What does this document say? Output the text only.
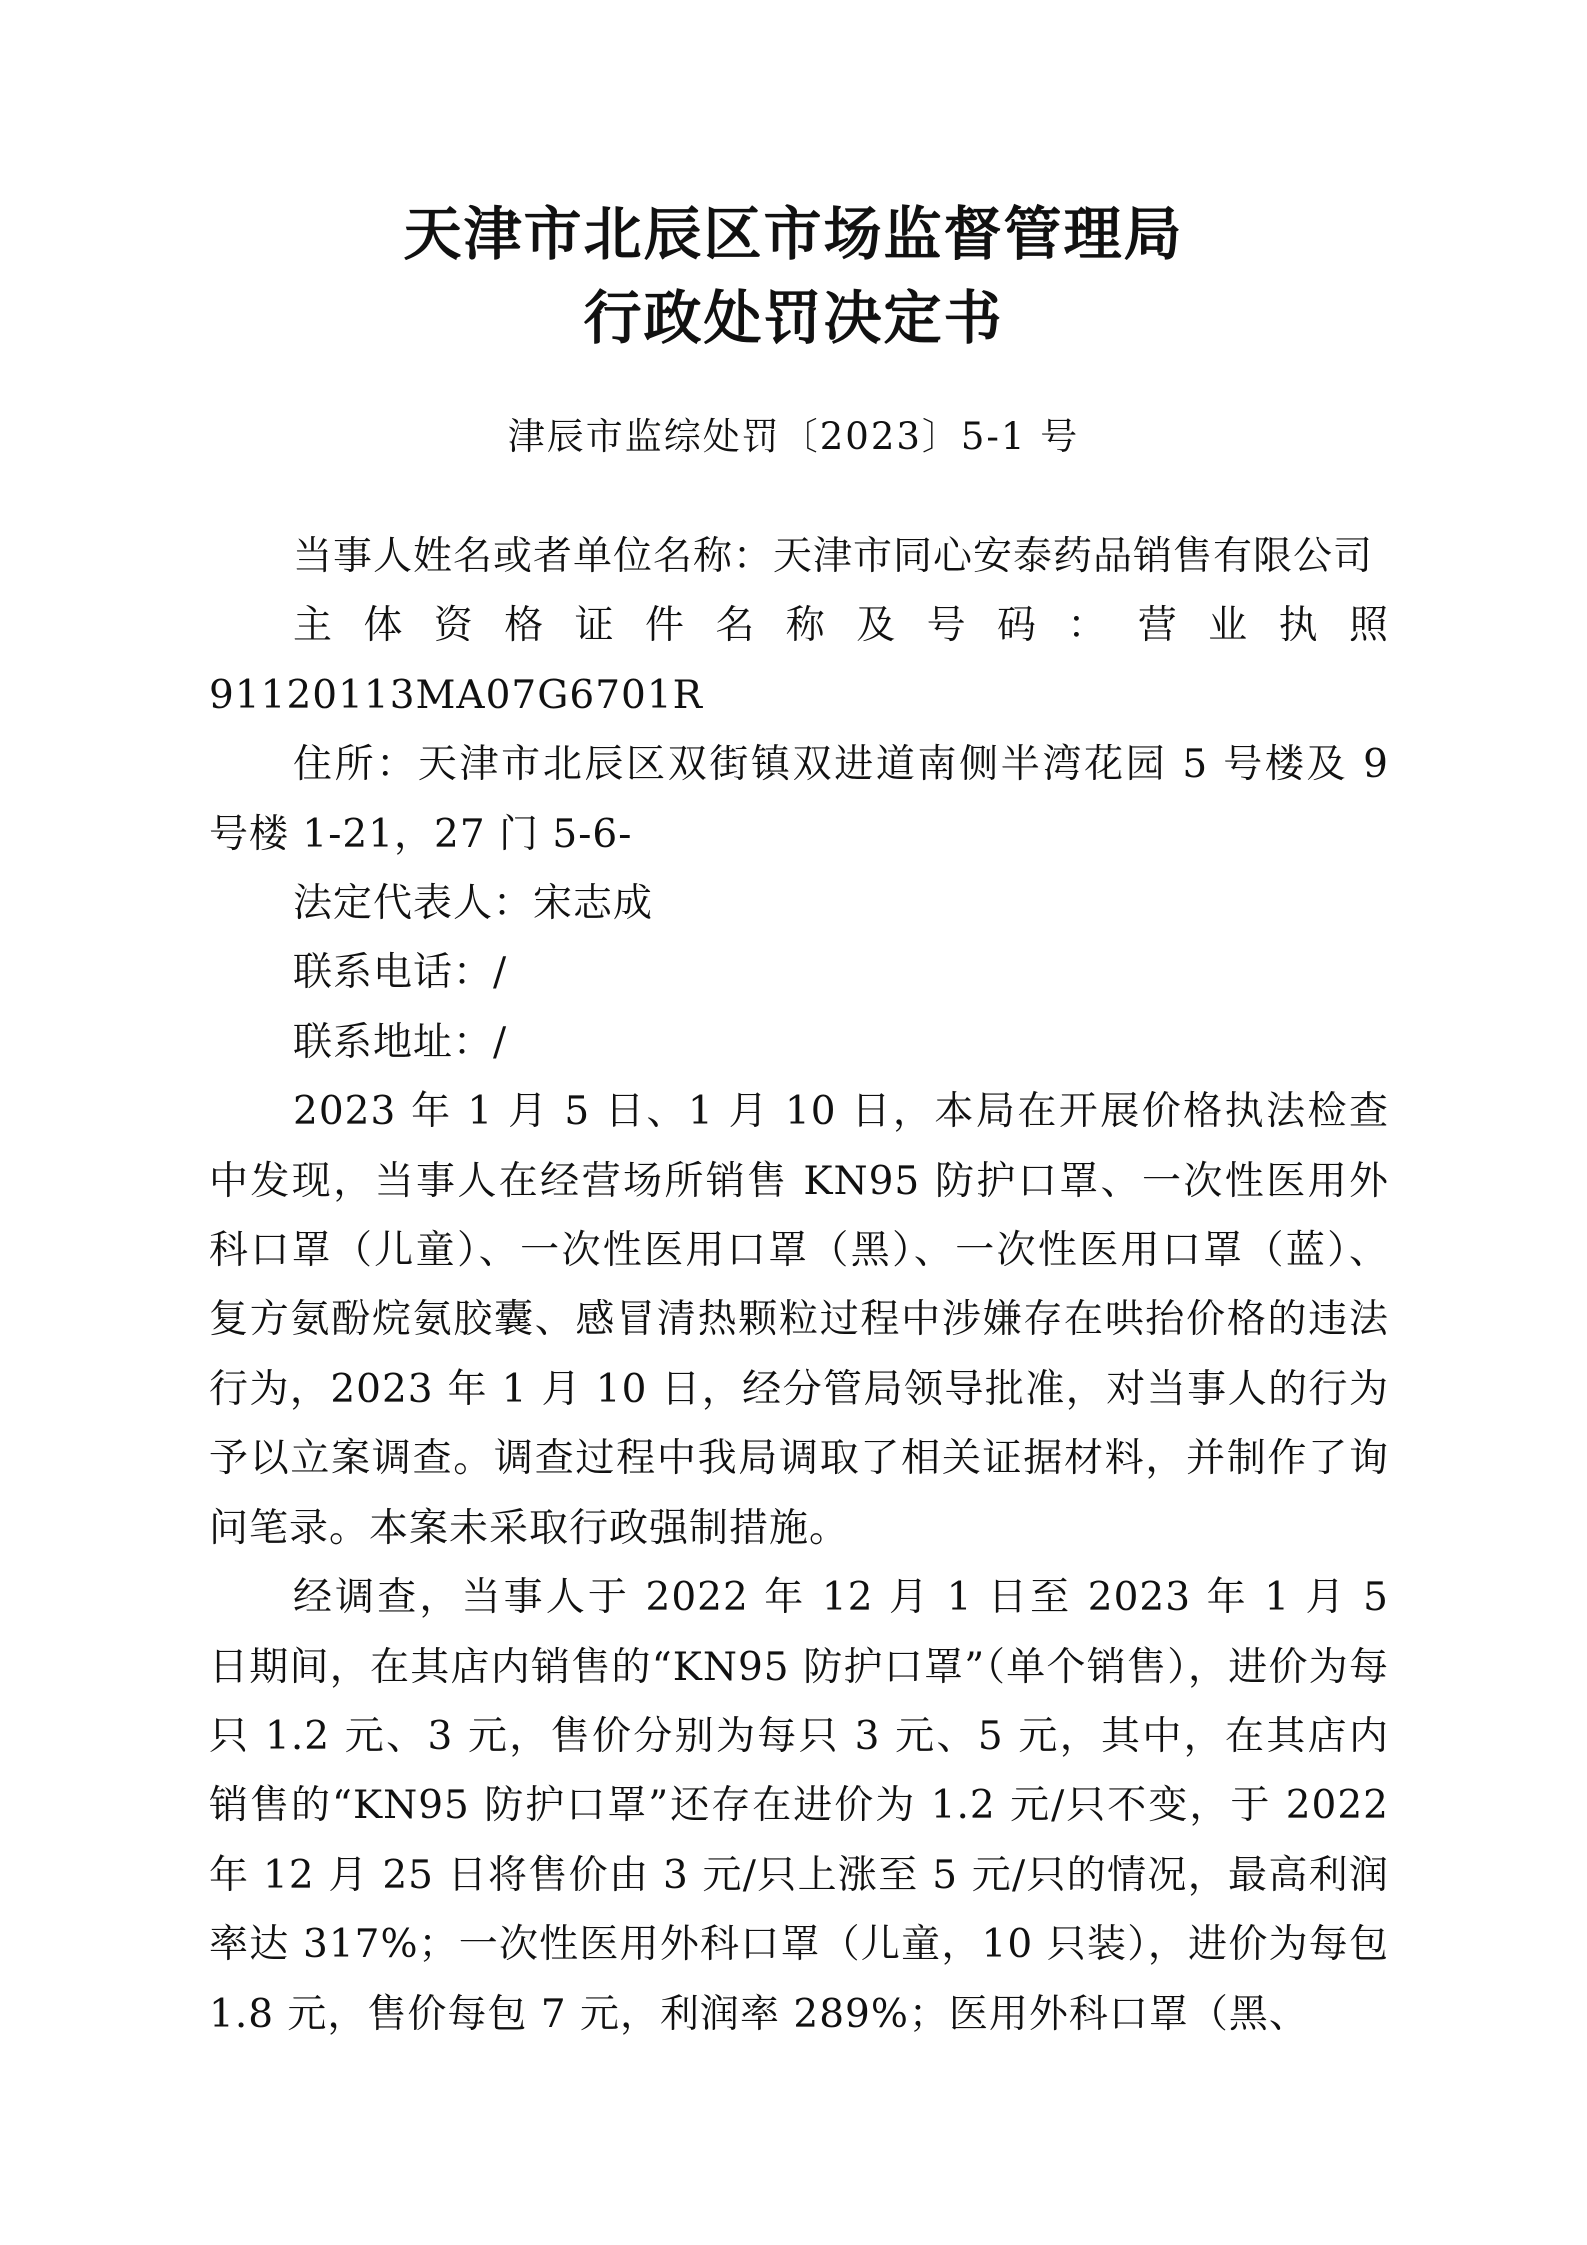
天津市北辰区市场监督管理局
行政处罚决定书
津辰市监综处罚〔2023〕5-1 号

当事人姓名或者单位名称：天津市同心安泰药品销售有限公司

主体资格证件名称及号码：营业执照 91120113MA07G6701R

住所：天津市北辰区双街镇双进道南侧半湾花园 5 号楼及 9 号楼 1-21，27 门 5-6-

法定代表人：宋志成

联系电话：/

联系地址：/

2023 年 1 月 5 日、1 月 10 日，本局在开展价格执法检查中发现，当事人在经营场所销售 KN95 防护口罩、一次性医用外科口罩（儿童）、一次性医用口罩（黑）、一次性医用口罩（蓝）、复方氨酚烷氨胶囊、感冒清热颗粒过程中涉嫌存在哄抬价格的违法行为，2023 年 1 月 10 日，经分管局领导批准，对当事人的行为予以立案调查。调查过程中我局调取了相关证据材料，并制作了询问笔录。本案未采取行政强制措施。

经调查，当事人于 2022 年 12 月 1 日至 2023 年 1 月 5 日期间，在其店内销售的“KN95 防护口罩”（单个销售），进价为每只 1.2 元、3 元，售价分别为每只 3 元、5 元，其中，在其店内销售的“KN95 防护口罩”还存在进价为 1.2 元/只不变，于 2022 年 12 月 25 日将售价由 3 元/只上涨至 5 元/只的情况，最高利润率达 317%；一次性医用外科口罩（儿童，10 只装），进价为每包 1.8 元，售价每包 7 元，利润率 289%；医用外科口罩（黑、
